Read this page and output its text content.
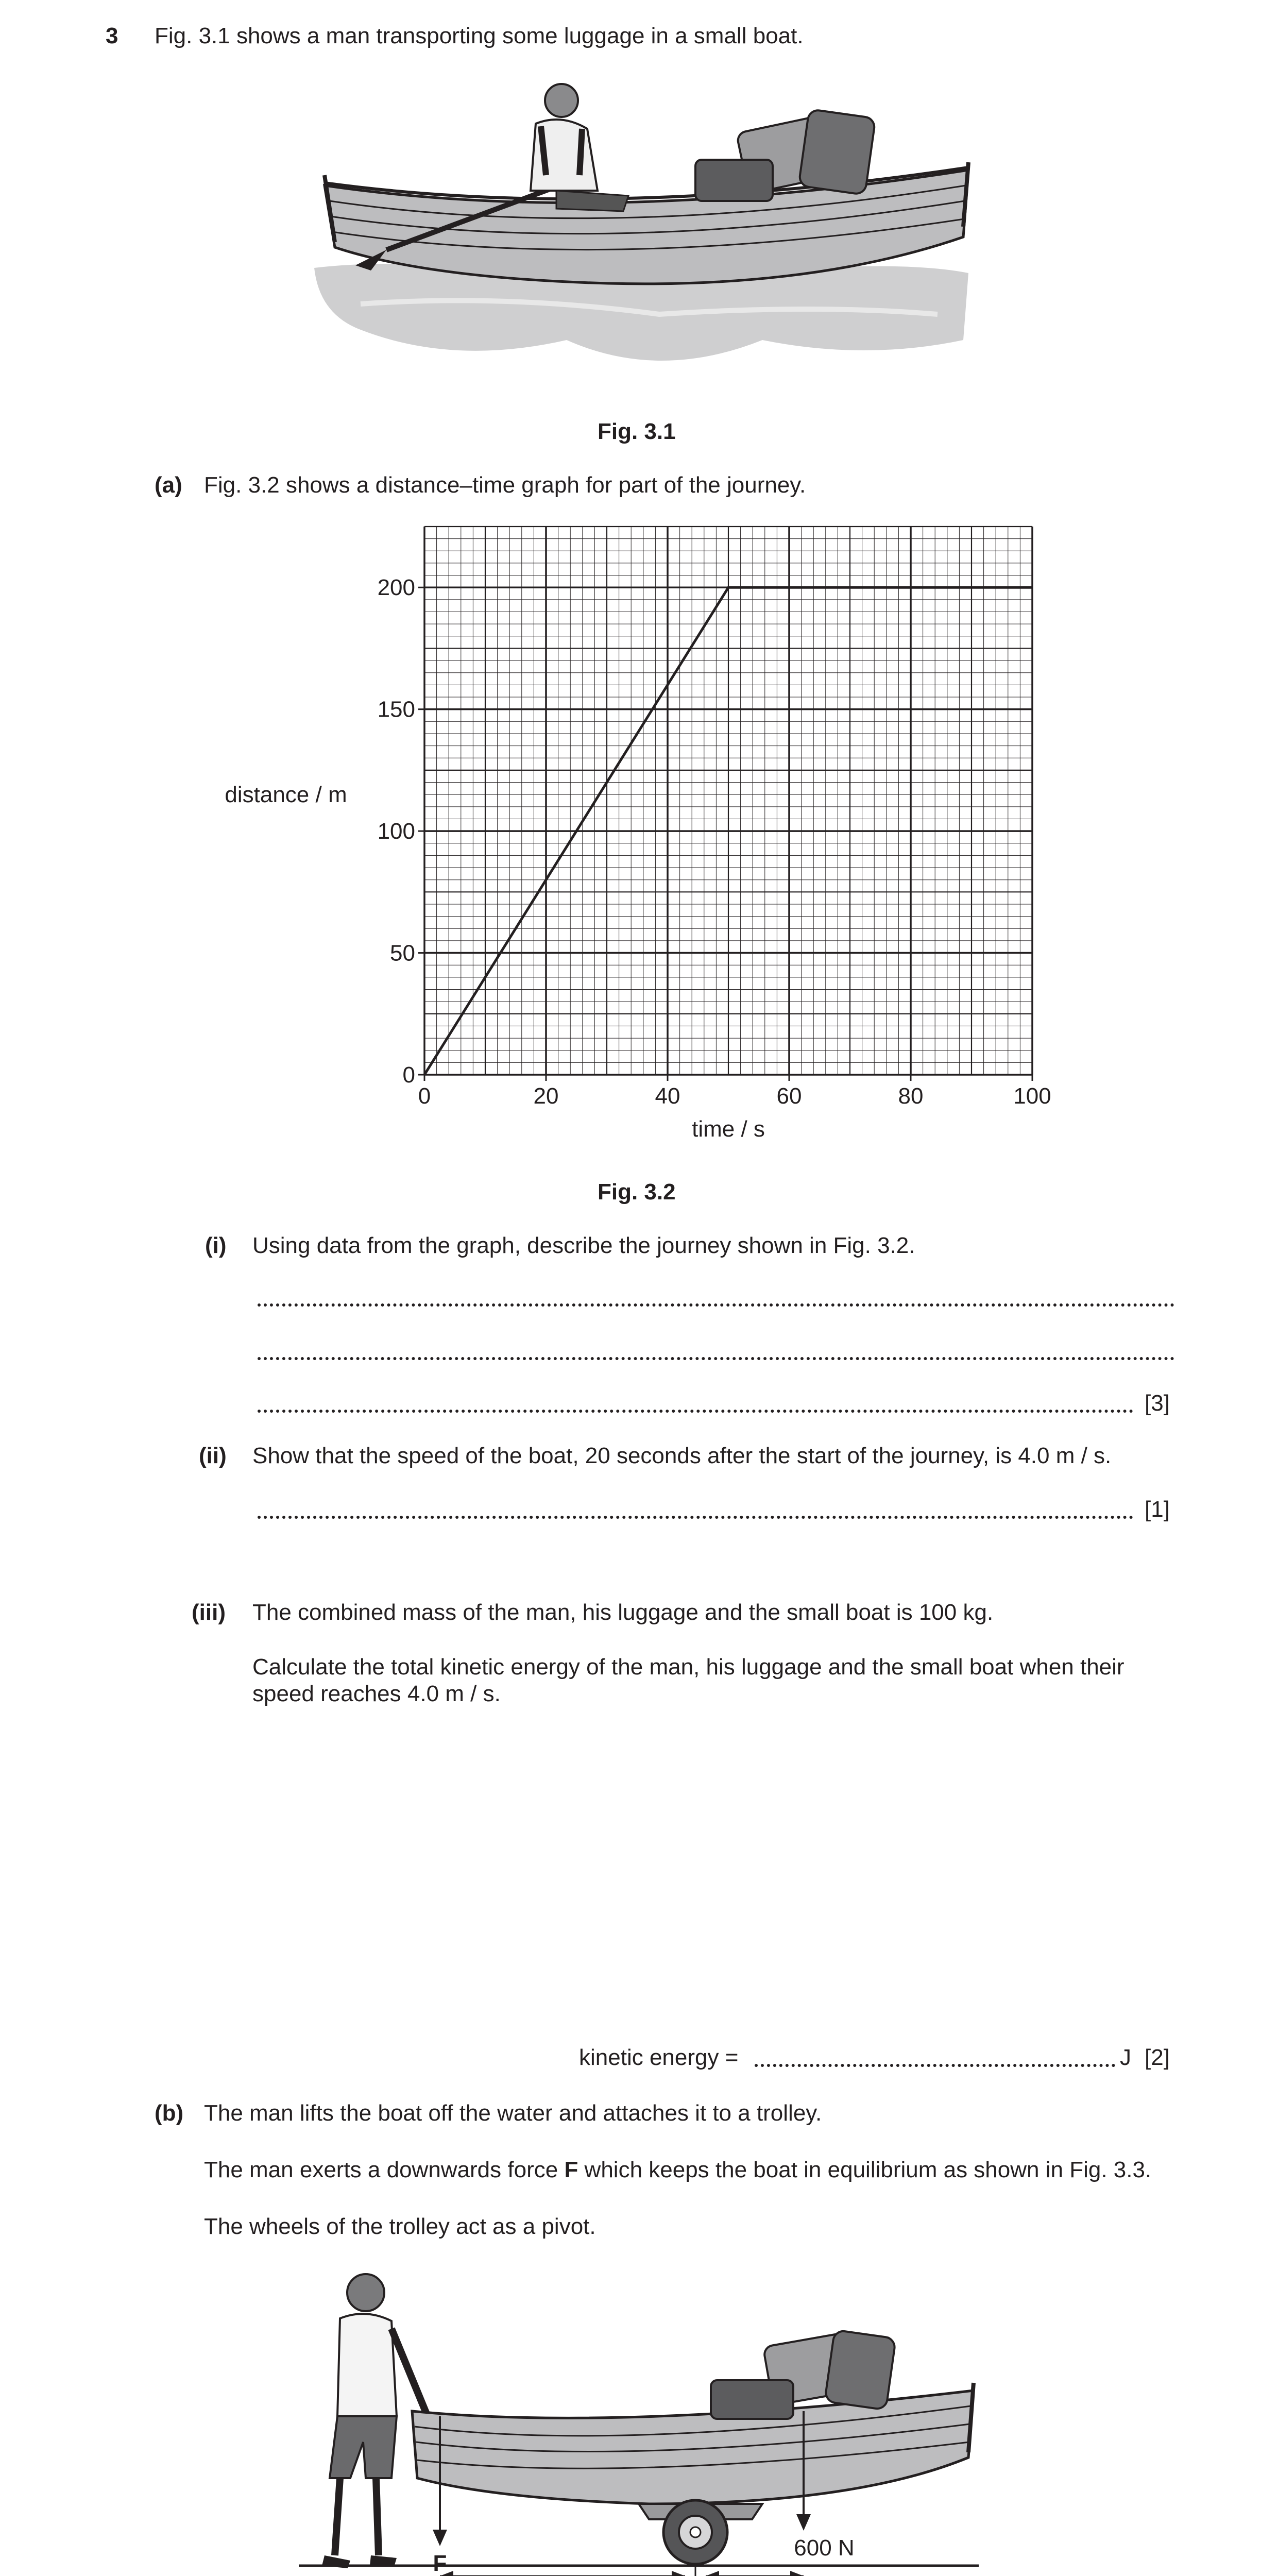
3 Fig. 3.1 shows a man transporting some luggage in a small boat.
Fig. 3.1
(a) Fig. 3.2 shows a distance–time graph for part of the journey.
0	20	40	60	80	100
0
50
100
150
200
time / s
distance / m
Fig. 3.2
(i) Using data from the graph, describe the journey shown in Fig. 3.2.
[3]
(ii) Show that the speed of the boat, 20 seconds after the start of the journey, is 4.0 m / s.
[1]
(iii) The combined mass of the man, his luggage and the small boat is 100 kg.
Calculate the total kinetic energy of the man, his luggage and the small boat when their speed reaches 4.0 m / s.
kinetic energy =	J [2]
(b) The man lifts the boat off the water and attaches it to a trolley.
The man exerts a downwards force F which keeps the boat in equilibrium as shown in Fig. 3.3.
The wheels of the trolley act as a pivot.
F
600 N
